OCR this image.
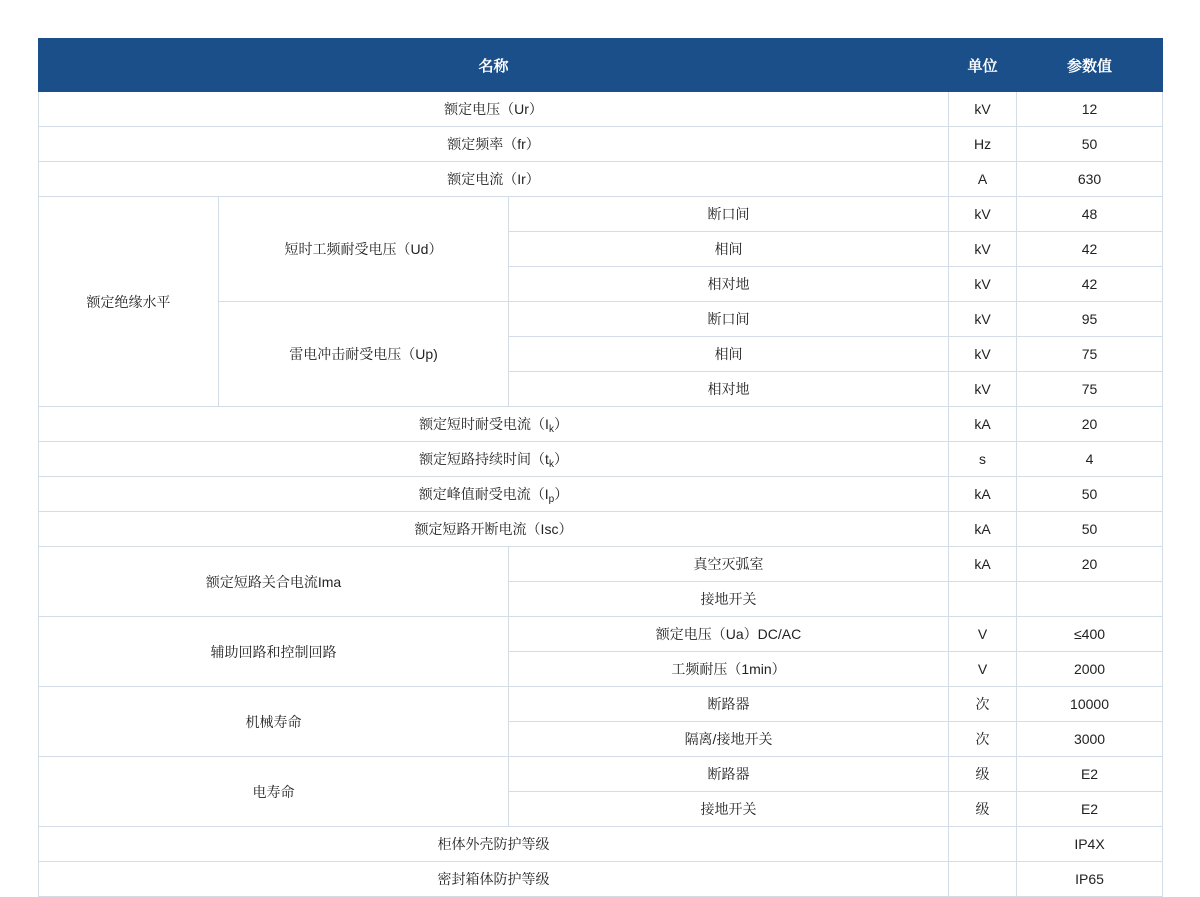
名称			单位	参数值
额定电压（Ur）			kV	12
额定频率（fr）			Hz	50
额定电流（Ir）			A	630
额定绝缘水平	短时工频耐受电压（Ud）	断口间	kV	48
		相间	kV	42
		相对地	kV	42
	雷电冲击耐受电压（Up)	断口间	kV	95
		相间	kV	75
		相对地	kV	75
额定短时耐受电流$(I_k)$			kA	20
额定短路持续时间$(t_k)$			s	4
额定峰值耐受电流$(I_p)$			kA	50
额定短路开断电流（Isc）			kA	50
额定短路关合电流Ima		真空灭弧室	kA	20
		接地开关		
辅助回路和控制回路		额定电压（Ua）DC/AC	V	≤400
		工频耐压（1min）	V	2000
机械寿命		断路器	次	10000
		隔离/接地开关	次	3000
电寿命		断路器	级	E2
		接地开关	级	E2
柜体外壳防护等级				IP4X
密封箱体防护等级				IP65
